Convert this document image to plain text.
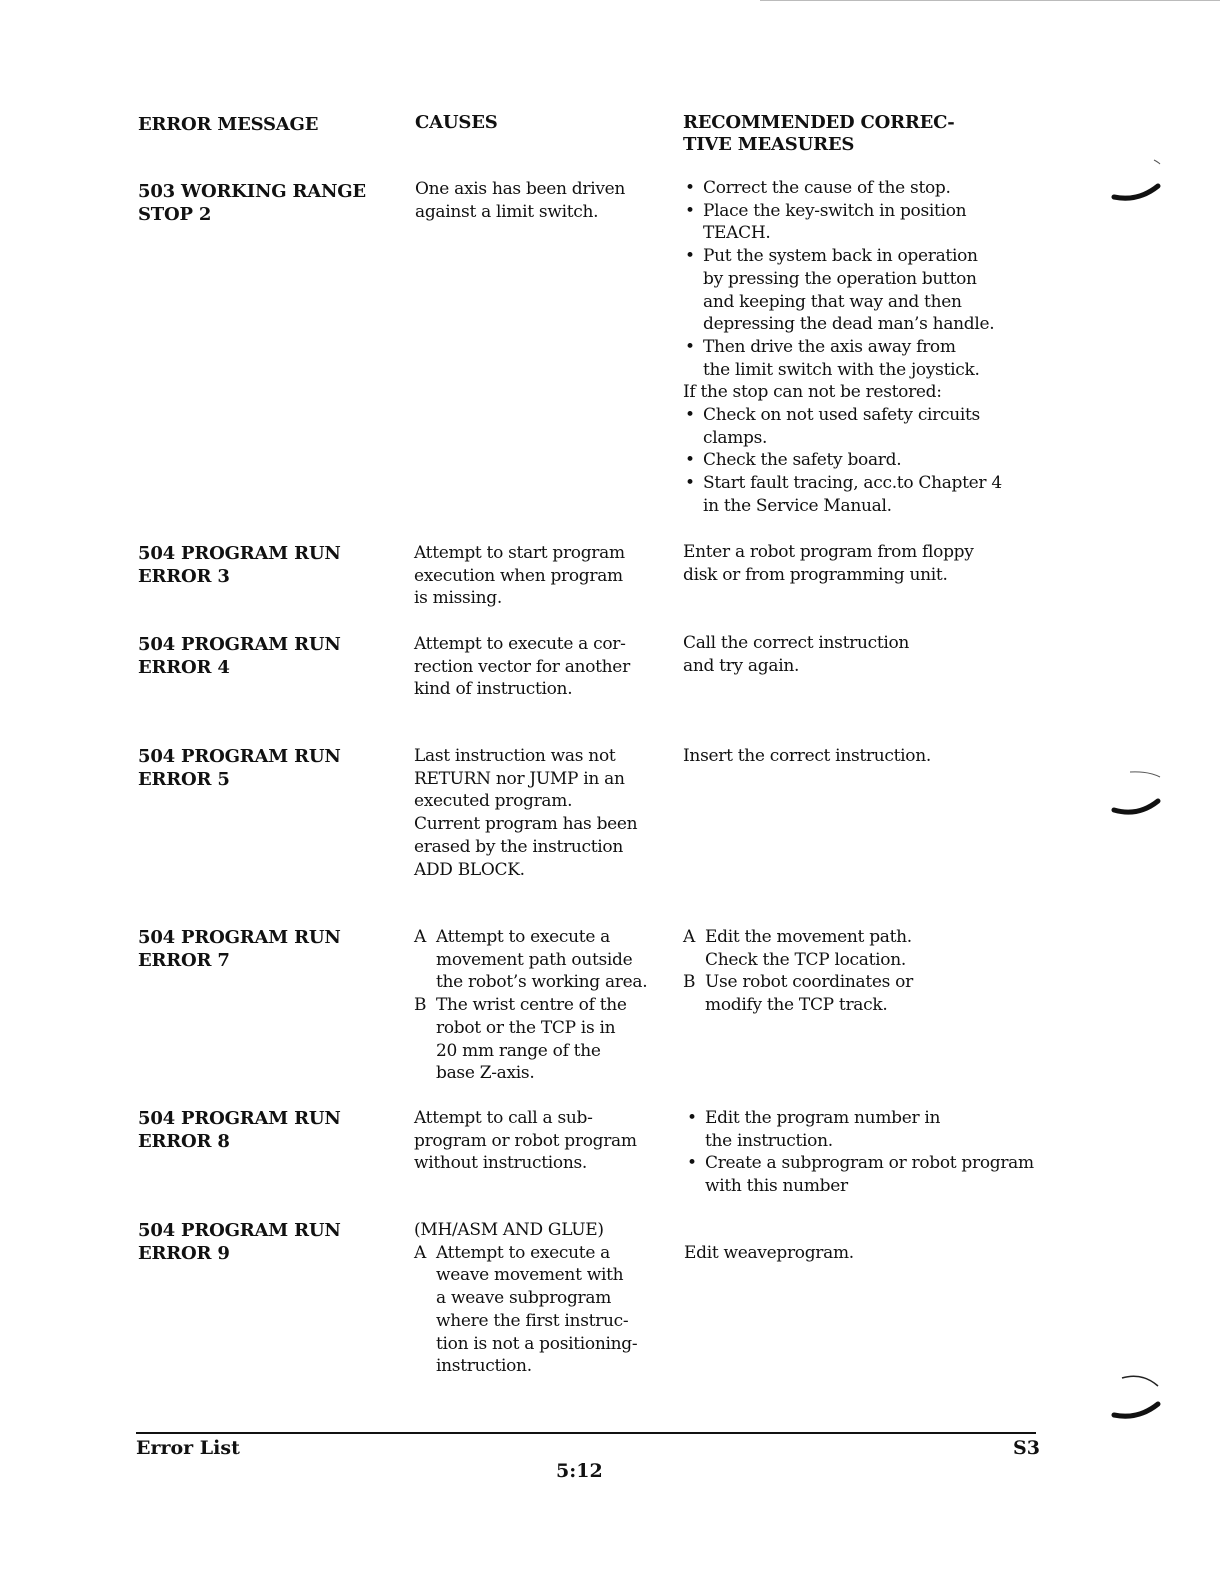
ERROR MESSAGE	CAUSES	RECOMMENDED CORREC-
TIVE MEASURES
503 WORKING RANGE
STOP 2
One axis has been driven
against a limit switch.
• Correct the cause of the stop.
• Place the key-switch in position
TEACH.
• Put the system back in operation
by pressing the operation button
and keeping that way and then
depressing the dead man’s handle.
• Then drive the axis away from
the limit switch with the joystick.
If the stop can not be restored:
• Check on not used safety circuits
clamps.
• Check the safety board.
• Start fault tracing, acc.to Chapter 4
in the Service Manual.
504 PROGRAM RUN
ERROR 3
Attempt to start program
execution when program
is missing.
Enter a robot program from floppy
disk or from programming unit.
504 PROGRAM RUN
ERROR 4
Attempt to execute a cor-
rection vector for another
kind of instruction.
Call the correct instruction
and try again.
504 PROGRAM RUN
ERROR 5
Last instruction was not
RETURN nor JUMP in an
executed program.
Current program has been
erased by the instruction
ADD BLOCK.
Insert the correct instruction.
504 PROGRAM RUN
ERROR 7
A Attempt to execute a
movement path outside
the robot’s working area.
B The wrist centre of the
robot or the TCP is in
20 mm range of the
base Z-axis.
A Edit the movement path.
Check the TCP location.
B Use robot coordinates or
modify the TCP track.
504 PROGRAM RUN
ERROR 8
Attempt to call a sub-
program or robot program
without instructions.
• Edit the program number in
the instruction.
• Create a subprogram or robot program
with this number
504 PROGRAM RUN
ERROR 9
(MH/ASM AND GLUE)
A Attempt to execute a
weave movement with
a weave subprogram
where the first instruc-
tion is not a positioning-
instruction.
Edit weaveprogram.
Error List
5:12
S3
